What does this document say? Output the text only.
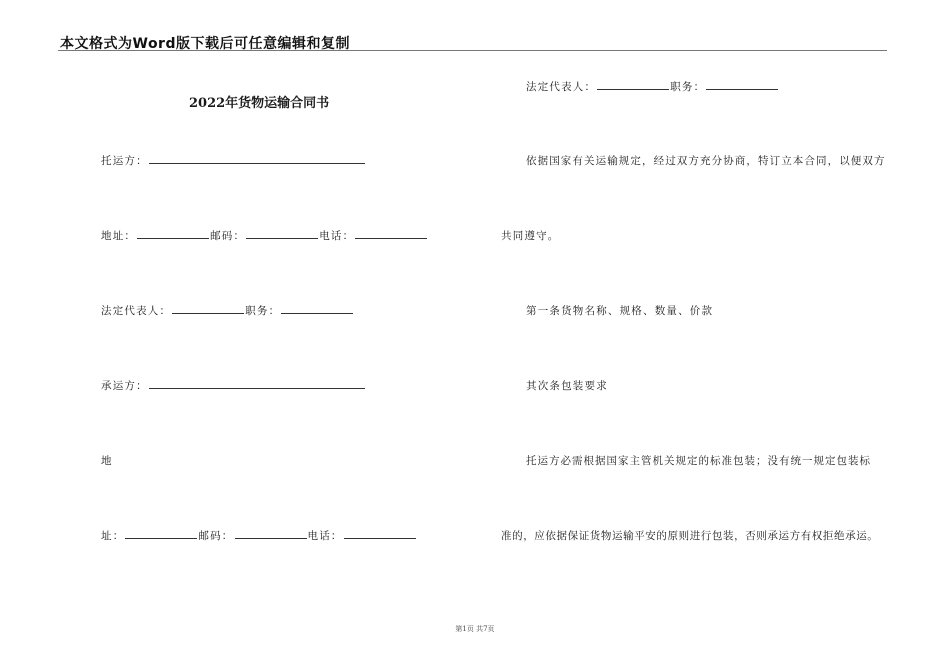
本文格式为Word版下载后可任意编辑和复制
2022年货物运输合同书
托运方：
地址：	邮码：	电话：
法定代表人：	职务：
承运方：
地
址：	邮码：	电话：
法定代表人：	职务：
依据国家有关运输规定，经过双方充分协商，特订立本合同，以便双方
共同遵守。
第一条货物名称、规格、数量、价款
其次条包装要求
托运方必需根据国家主管机关规定的标准包装；没有统一规定包装标
准的，应依据保证货物运输平安的原则进行包装，否则承运方有权拒绝承运。
第1页 共7页
